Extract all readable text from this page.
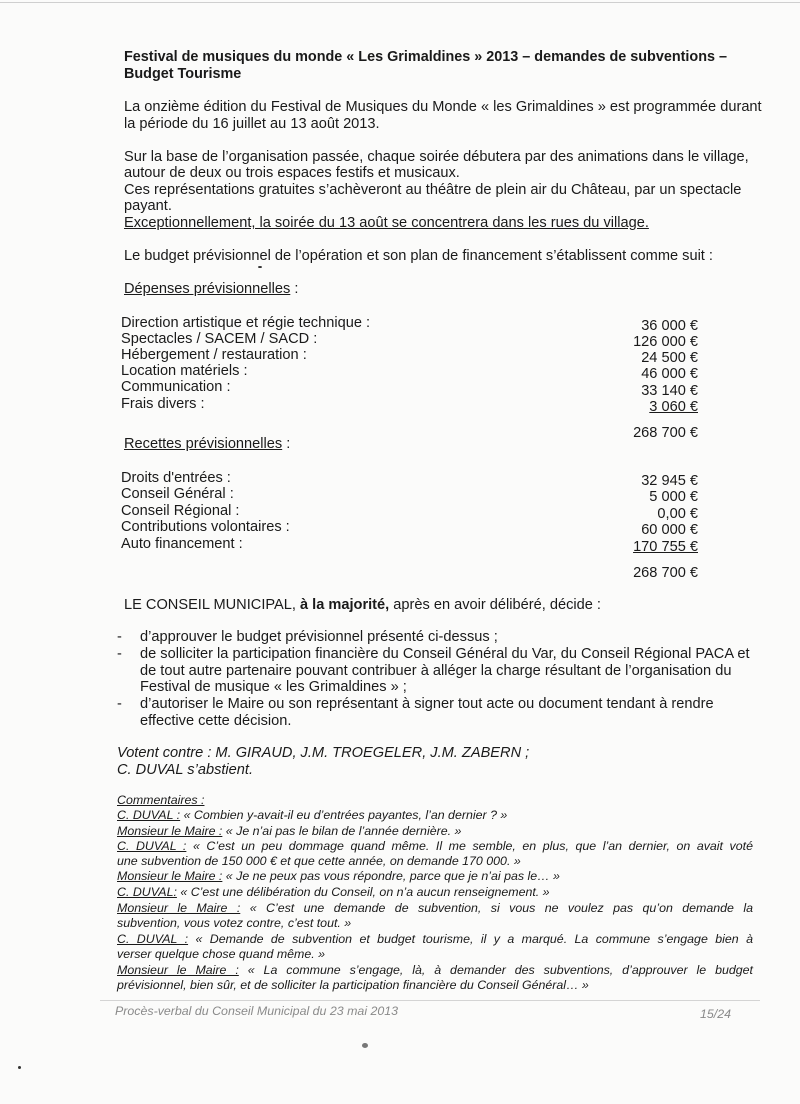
Festival de musiques du monde « Les Grimaldines » 2013 – demandes de subventions –
Budget Tourisme
La onzième édition du Festival de Musiques du Monde « les Grimaldines » est programmée durant
la période du 16 juillet au 13 août 2013.
Sur la base de l’organisation passée, chaque soirée débutera par des animations dans le village,
autour de deux ou trois espaces festifs et musicaux.
Ces représentations gratuites s’achèveront au théâtre de plein air du Château, par un spectacle
payant.
Exceptionnellement, la soirée du 13 août se concentrera dans les rues du village.
Le budget prévisionnel de l’opération et son plan de financement s’établissent comme suit :
Dépenses prévisionnelles :
Direction artistique et régie technique :	36 000 €
Spectacles / SACEM / SACD :	126 000 €
Hébergement / restauration :	24 500 €
Location matériels :	46 000 €
Communication :	33 140 €
Frais divers :	3 060 €
268 700 €
Recettes prévisionnelles :
Droits d'entrées :	32 945 €
Conseil Général :	5 000 €
Conseil Régional :	0,00 €
Contributions volontaires :	60 000 €
Auto financement :	170 755 €
268 700 €
LE CONSEIL MUNICIPAL, à la majorité, après en avoir délibéré, décide :
- d’approuver le budget prévisionnel présenté ci-dessus ;
- de solliciter la participation financière du Conseil Général du Var, du Conseil Régional PACA et
de tout autre partenaire pouvant contribuer à alléger la charge résultant de l’organisation du
Festival de musique « les Grimaldines » ;
- d’autoriser le Maire ou son représentant à signer tout acte ou document tendant à rendre
effective cette décision.
Votent contre : M. GIRAUD, J.M. TROEGELER, J.M. ZABERN ;
C. DUVAL s’abstient.
Commentaires :
C. DUVAL : « Combien y-avait-il eu d’entrées payantes, l’an dernier ? »
Monsieur le Maire : « Je n’ai pas le bilan de l’année dernière. »
C. DUVAL : « C’est un peu dommage quand même. Il me semble, en plus, que l’an dernier, on avait voté
une subvention de 150 000 € et que cette année, on demande 170 000. »
Monsieur le Maire : « Je ne peux pas vous répondre, parce que je n’ai pas le… »
C. DUVAL: « C’est une délibération du Conseil, on n’a aucun renseignement. »
Monsieur le Maire : « C’est une demande de subvention, si vous ne voulez pas qu’on demande la
subvention, vous votez contre, c’est tout. »
C. DUVAL : « Demande de subvention et budget tourisme, il y a marqué. La commune s’engage bien à
verser quelque chose quand même. »
Monsieur le Maire : « La commune s’engage, là, à demander des subventions, d’approuver le budget
prévisionnel, bien sûr, et de solliciter la participation financière du Conseil Général… »
Procès-verbal du Conseil Municipal du 23 mai 2013	15/24
